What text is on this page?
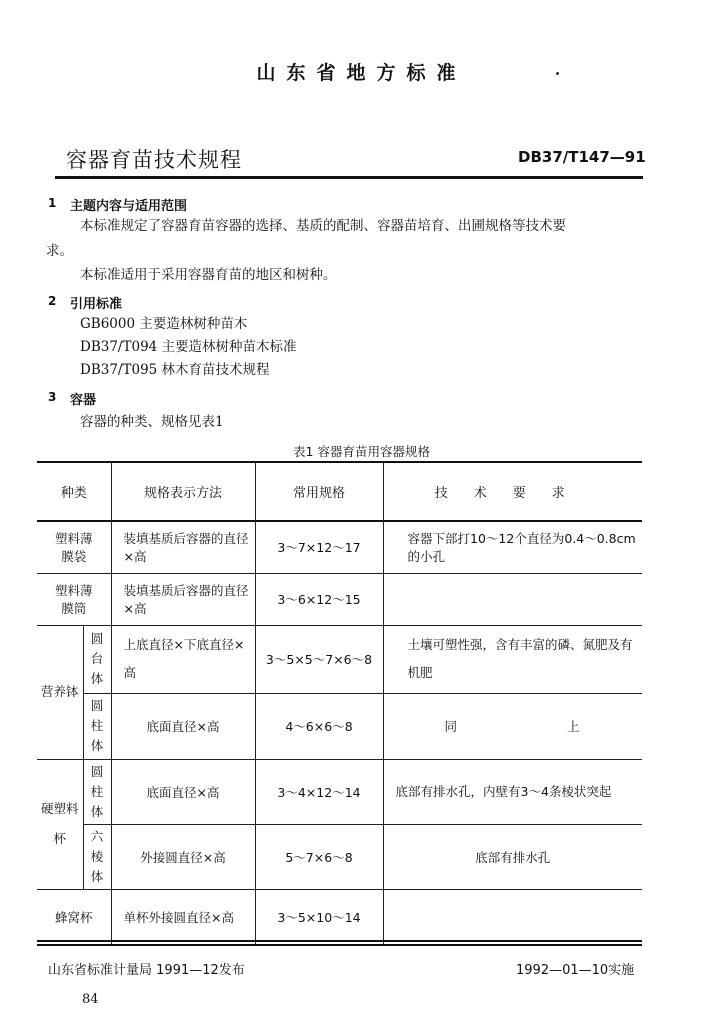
山东省地方标准
容器育苗技术规程	DB37/T147—91
1 主题内容与适用范围
本标准规定了容器育苗容器的选择、基质的配制、容器苗培育、出圃规格等技术要
求。
本标准适用于采用容器育苗的地区和树种。
2 引用标准
GB6000 主要造林树种苗木
DB37/T094 主要造林树种苗木标准
DB37/T095 林木育苗技术规程
3 容器
容器的种类、规格见表1
表1 容器育苗用容器规格
种类		规格表示方法	常用规格	技术要求
塑料薄膜袋		装填基质后容器的直径×高	3～7×12～17	容器下部打10～12个直径为0.4～0.8cm的小孔
塑料薄膜筒		装填基质后容器的直径×高	3～6×12～15	

营养钵	圆台体	上底直径×下底直径×高	3～5×5～7×6～8	土壤可塑性强，含有丰富的磷、氮肥及有机肥

	圆柱体	底面直径×高	4～6×6～8	同 上

硬塑料杯	圆柱体	底面直径×高	3～4×12～14	底部有排水孔，内壁有3～4条棱状突起

	六棱体	外接圆直径×高	5～7×6～8	底部有排水孔
蜂窝杯		单杯外接圆直径×高	3～5×10～14	
山东省标准计量局 1991—12发布	1992—01—10实施
84
